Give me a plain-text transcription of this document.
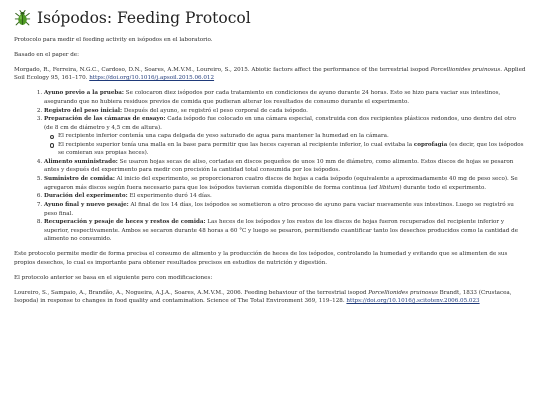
Isópodos: Feeding Protocol

Protocolo para medir el feeding activity en isópodos en el laboratorio.

Basado en el paper de:

Morgado, R., Ferreira, N.G.C., Cardoso, D.N., Soares, A.M.V.M., Loureiro, S., 2015. Abiotic factors affect the performance of the terrestrial isopod Porcellionides pruinosus. Applied Soil Ecology 95, 161–170. https://doi.org/10.1016/j.apsoil.2015.06.012

1. Ayuno previo a la prueba: Se colocaron diez isópodos por cada tratamiento en condiciones de ayuno durante 24 horas. Esto se hizo para vaciar sus intestinos, asegurando que no hubiera residuos previos de comida que pudieran alterar los resultados de consumo durante el experimento.
2. Registro del peso inicial: Después del ayuno, se registró el peso corporal de cada isópodo.
3. Preparación de las cámaras de ensayo: Cada isópodo fue colocado en una cámara especial, construida con dos recipientes plásticos redondos, uno dentro del otro (de 8 cm de diámetro y 4,5 cm de altura).
El recipiente inferior contenía una capa delgada de yeso saturado de agua para mantener la humedad en la cámara.
El recipiente superior tenía una malla en la base para permitir que las heces cayeran al recipiente inferior, lo cual evitaba la coprofagia (es decir, que los isópodos se comieran sus propias heces).
4. Alimento suministrado: Se usaron hojas secas de aliso, cortadas en discos pequeños de unos 10 mm de diámetro, como alimento. Estos discos de hojas se pesaron antes y después del experimento para medir con precisión la cantidad total consumida por los isópodos.
5. Suministro de comida: Al inicio del experimento, se proporcionaron cuatro discos de hojas a cada isópodo (equivalente a aproximadamente 40 mg de peso seco). Se agregaron más discos según fuera necesario para que los isópodos tuvieran comida disponible de forma continua (ad libitum) durante todo el experimento.
6. Duración del experimento: El experimento duró 14 días.
7. Ayuno final y nuevo pesaje: Al final de los 14 días, los isópodos se sometieron a otro proceso de ayuno para vaciar nuevamente sus intestinos. Luego se registró su peso final.
8. Recuperación y pesaje de heces y restos de comida: Las heces de los isópodos y los restos de los discos de hojas fueron recuperados del recipiente inferior y superior, respectivamente. Ambos se secaron durante 48 horas a 60 °C y luego se pesaron, permitiendo cuantificar tanto los desechos producidos como la cantidad de alimento no consumido.

Este protocolo permite medir de forma precisa el consumo de alimento y la producción de heces de los isópodos, controlando la humedad y evitando que se alimenten de sus propios desechos, lo cual es importante para obtener resultados precisos en estudios de nutrición y digestión.

El protocolo anterior se basa en el siguiente pero con modificaciones:

Loureiro, S., Sampaio, A., Brandão, A., Nogueira, A.J.A., Soares, A.M.V.M., 2006. Feeding behaviour of the terrestrial isopod Porcellionides pruinosus Brandt, 1833 (Crustacea, Isopoda) in response to changes in food quality and contamination. Science of The Total Environment 369, 119–128. https://doi.org/10.1016/j.scitotenv.2006.05.023
